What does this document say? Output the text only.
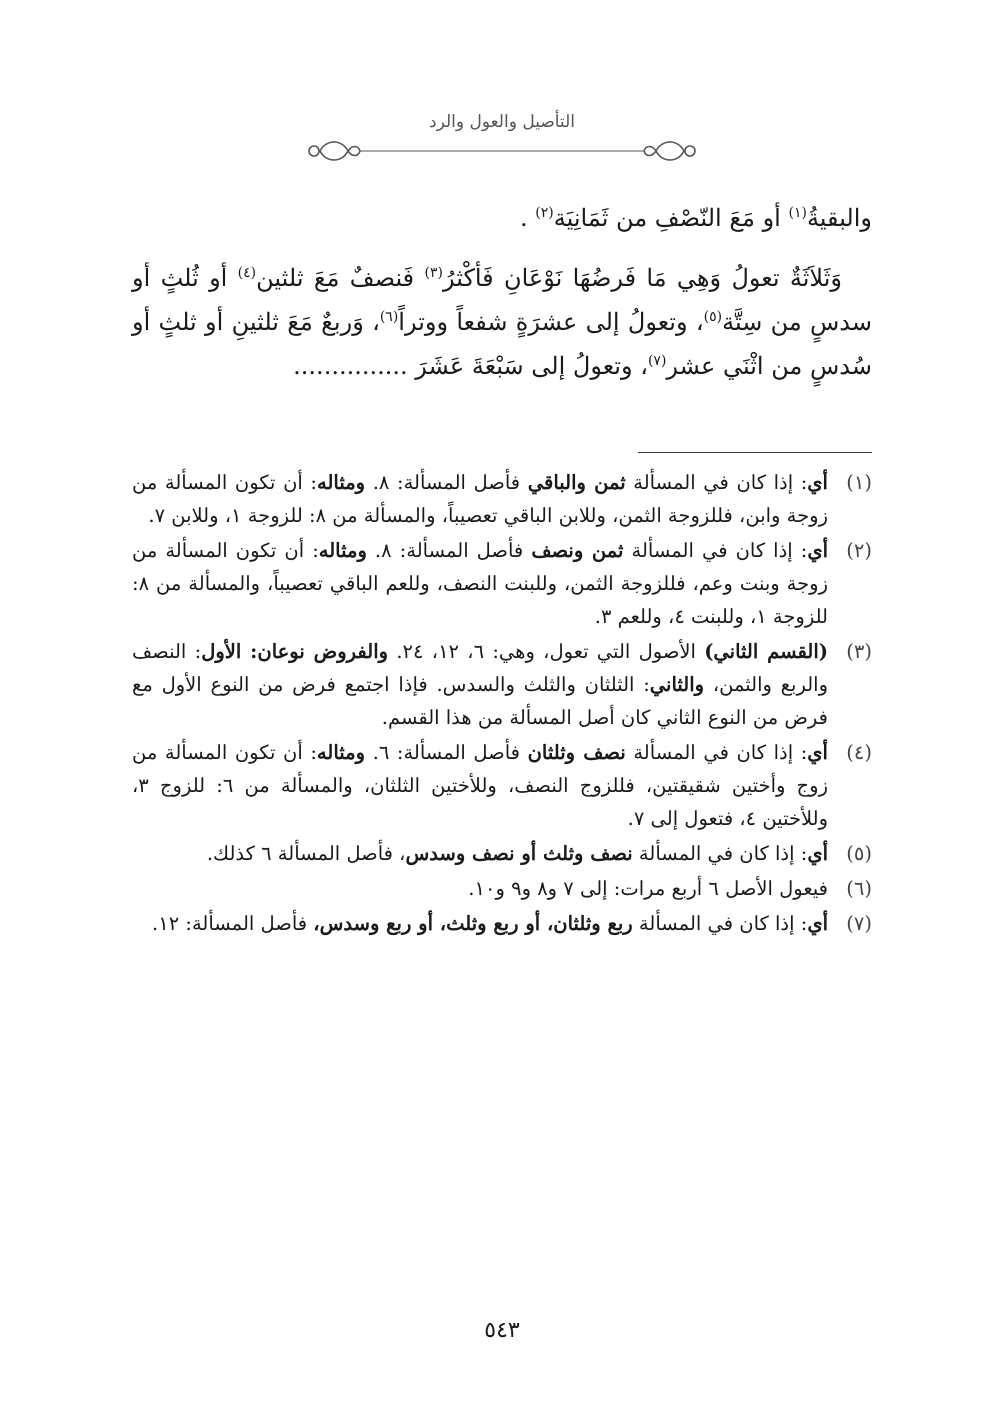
التأصيل والعول والرد

والبقيةُ$^{(١)}$ أو مَعَ النّصْفِ من ثَمَانِيَة$^{(٢)}$ .

وَثَلاَثَةٌ تعولُ وَهِي مَا فَرضُهَا نَوْعَانِ فَأكْثرُ$^{(٣)}$ فَنصفٌ مَعَ ثلثين$^{(٤)}$ أو ثُلثٍ أو سدسٍ من سِتَّة$^{(٥)}$، وتعولُ إلى عشرَةٍ شفعاً ووتراً$^{(٦)}$، وَربعٌ مَعَ ثلثينِ أو ثلثٍ أو سُدسٍ من اثْنَي عشر$^{(٧)}$، وتعولُ إلى سَبْعَةَ عَشَرَ ...............

(١)
أي: إذا كان في المسألة ثمن والباقي فأصل المسألة: ٨. ومثاله: أن تكون المسألة من زوجة وابن، فللزوجة الثمن، وللابن الباقي تعصيباً، والمسألة من ٨: للزوجة ١، وللابن ٧.
(٢)
أي: إذا كان في المسألة ثمن ونصف فأصل المسألة: ٨. ومثاله: أن تكون المسألة من زوجة وبنت وعم، فللزوجة الثمن، وللبنت النصف، وللعم الباقي تعصيباً، والمسألة من ٨: للزوجة ١، وللبنت ٤، وللعم ٣.
(٣)
(القسم الثاني) الأصول التي تعول، وهي: ٦، ١٢، ٢٤. والفروض نوعان: الأول: النصف والربع والثمن، والثاني: الثلثان والثلث والسدس. فإذا اجتمع فرض من النوع الأول مع فرض من النوع الثاني كان أصل المسألة من هذا القسم.
(٤)
أي: إذا كان في المسألة نصف وثلثان فأصل المسألة: ٦. ومثاله: أن تكون المسألة من زوج وأختين شقيقتين، فللزوج النصف، وللأختين الثلثان، والمسألة من ٦: للزوج ٣، وللأختين ٤، فتعول إلى ٧.
(٥)
أي: إذا كان في المسألة نصف وثلث أو نصف وسدس، فأصل المسألة ٦ كذلك.
(٦)
فيعول الأصل ٦ أربع مرات: إلى ٧ و٨ و٩ و١٠.
(٧)
أي: إذا كان في المسألة ربع وثلثان، أو ربع وثلث، أو ربع وسدس، فأصل المسألة: ١٢.
٥٤٣
